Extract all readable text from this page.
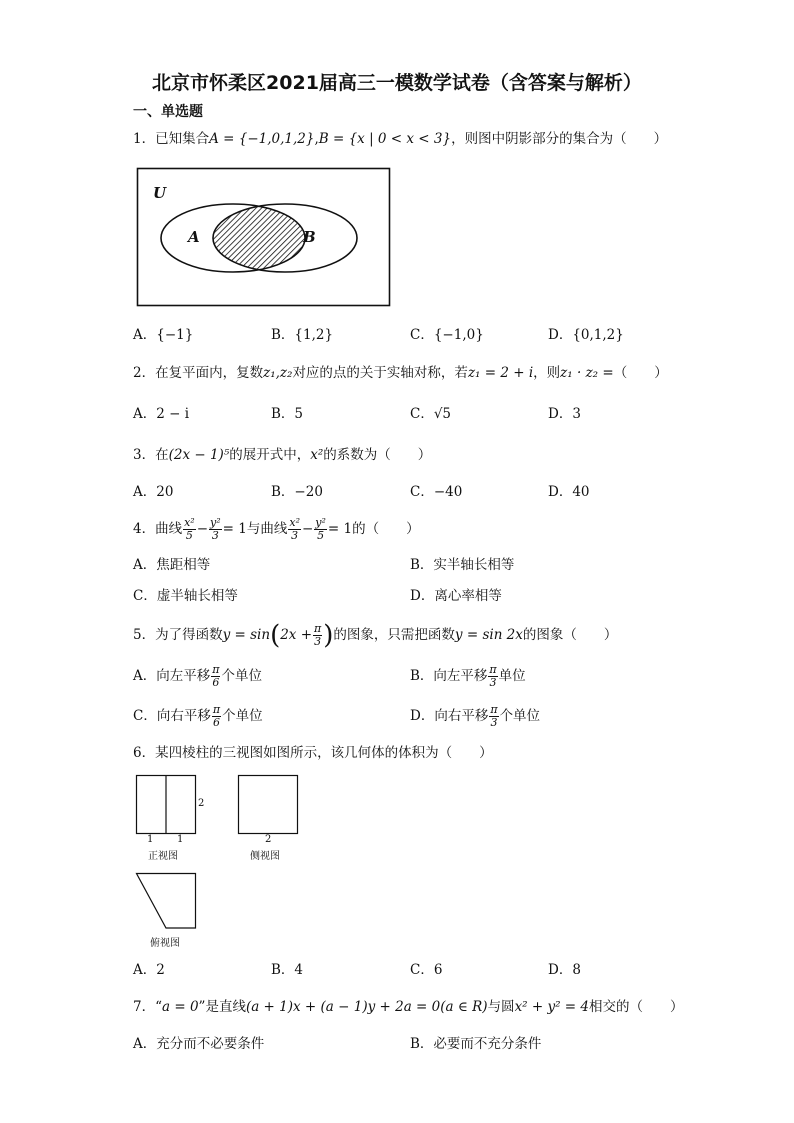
北京市怀柔区2021届高三一模数学试卷（含答案与解析）
一、单选题
1．已知集合A = {−1,0,1,2},B = {x | 0 < x < 3}，则图中阴影部分的集合为（　　）
U
A	B
A．{−1}	B．{1,2}	C．{−1,0}	D．{0,1,2}
2．在复平面内，复数z₁,z₂对应的点的关于实轴对称，若z₁ = 2 + i，则z₁ · z₂ =（　　）
A．2 − i	B．5	C．√5	D．3
3．在(2x − 1)⁵的展开式中，x²的系数为（　　）
A．20	B．−20	C．−40	D．40
4．曲线 $\frac{\text{x²}}{5} - \frac{\text{y²}}{3} = 1$与曲线 $\frac{\text{x²}}{3} - \frac{\text{y²}}{5} = 1$的（　　）
A．焦距相等	B．实半轴长相等
C．虚半轴长相等	D．离心率相等
5．为了得函数$y = \sin(2x + \frac{\pi}{3}$ )的图象，只需把函数y = sin 2x的图象（　　）
A．向左平移 $\frac{\pi}{6}$ 个单位	B．向左平移 $\frac{\pi}{3}$ 单位
C．向右平移 $\frac{\pi}{6}$ 个单位	D．向右平移 $\frac{\pi}{3}$ 个单位
6．某四棱柱的三视图如图所示，该几何体的体积为（　　）
1 1
2
正视图
2
侧视图
俯视图
A．2	B．4	C．6	D．8
7．“a = 0”是直线(a + 1)x + (a − 1)y + 2a = 0(a ∈ R)与圆x² + y² = 4相交的（　　）
A．充分而不必要条件	B．必要而不充分条件
